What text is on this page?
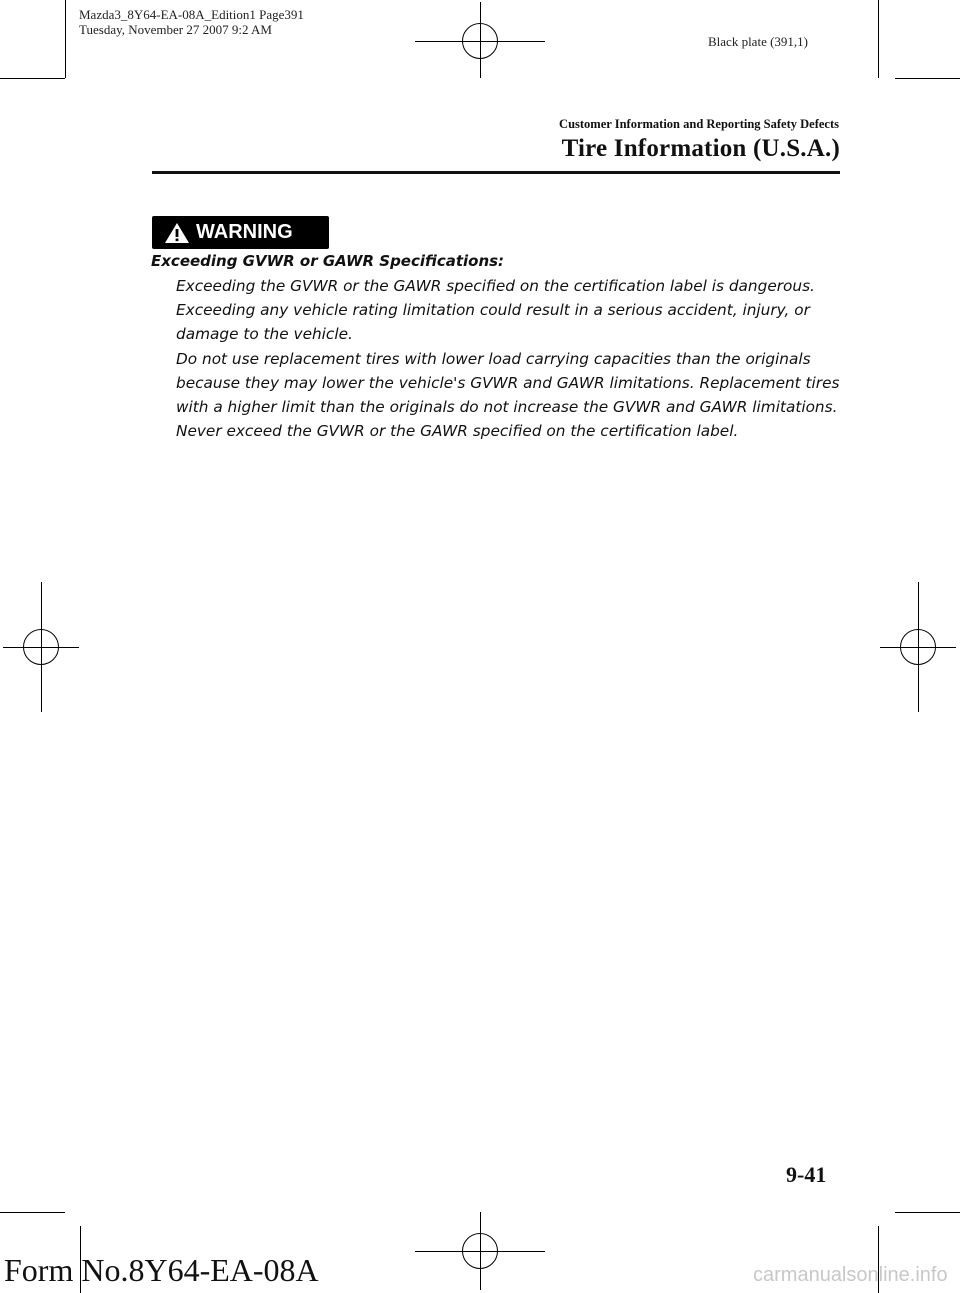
Mazda3_8Y64-EA-08A_Edition1 Page391
Tuesday, November 27 2007 9:2 AM
Black plate (391,1)
Customer Information and Reporting Safety Defects
Tire Information (U.S.A.)
WARNING
Exceeding GVWR or GAWR Specifications:

Exceeding the GVWR or the GAWR specified on the certification label is dangerous. Exceeding any vehicle rating limitation could result in a serious accident, injury, or damage to the vehicle.

Do not use replacement tires with lower load carrying capacities than the originals because they may lower the vehicle's GVWR and GAWR limitations. Replacement tires with a higher limit than the originals do not increase the GVWR and GAWR limitations.

Never exceed the GVWR or the GAWR specified on the certification label.

9-41
Form No.8Y64-EA-08A	carmanualsonline.info
